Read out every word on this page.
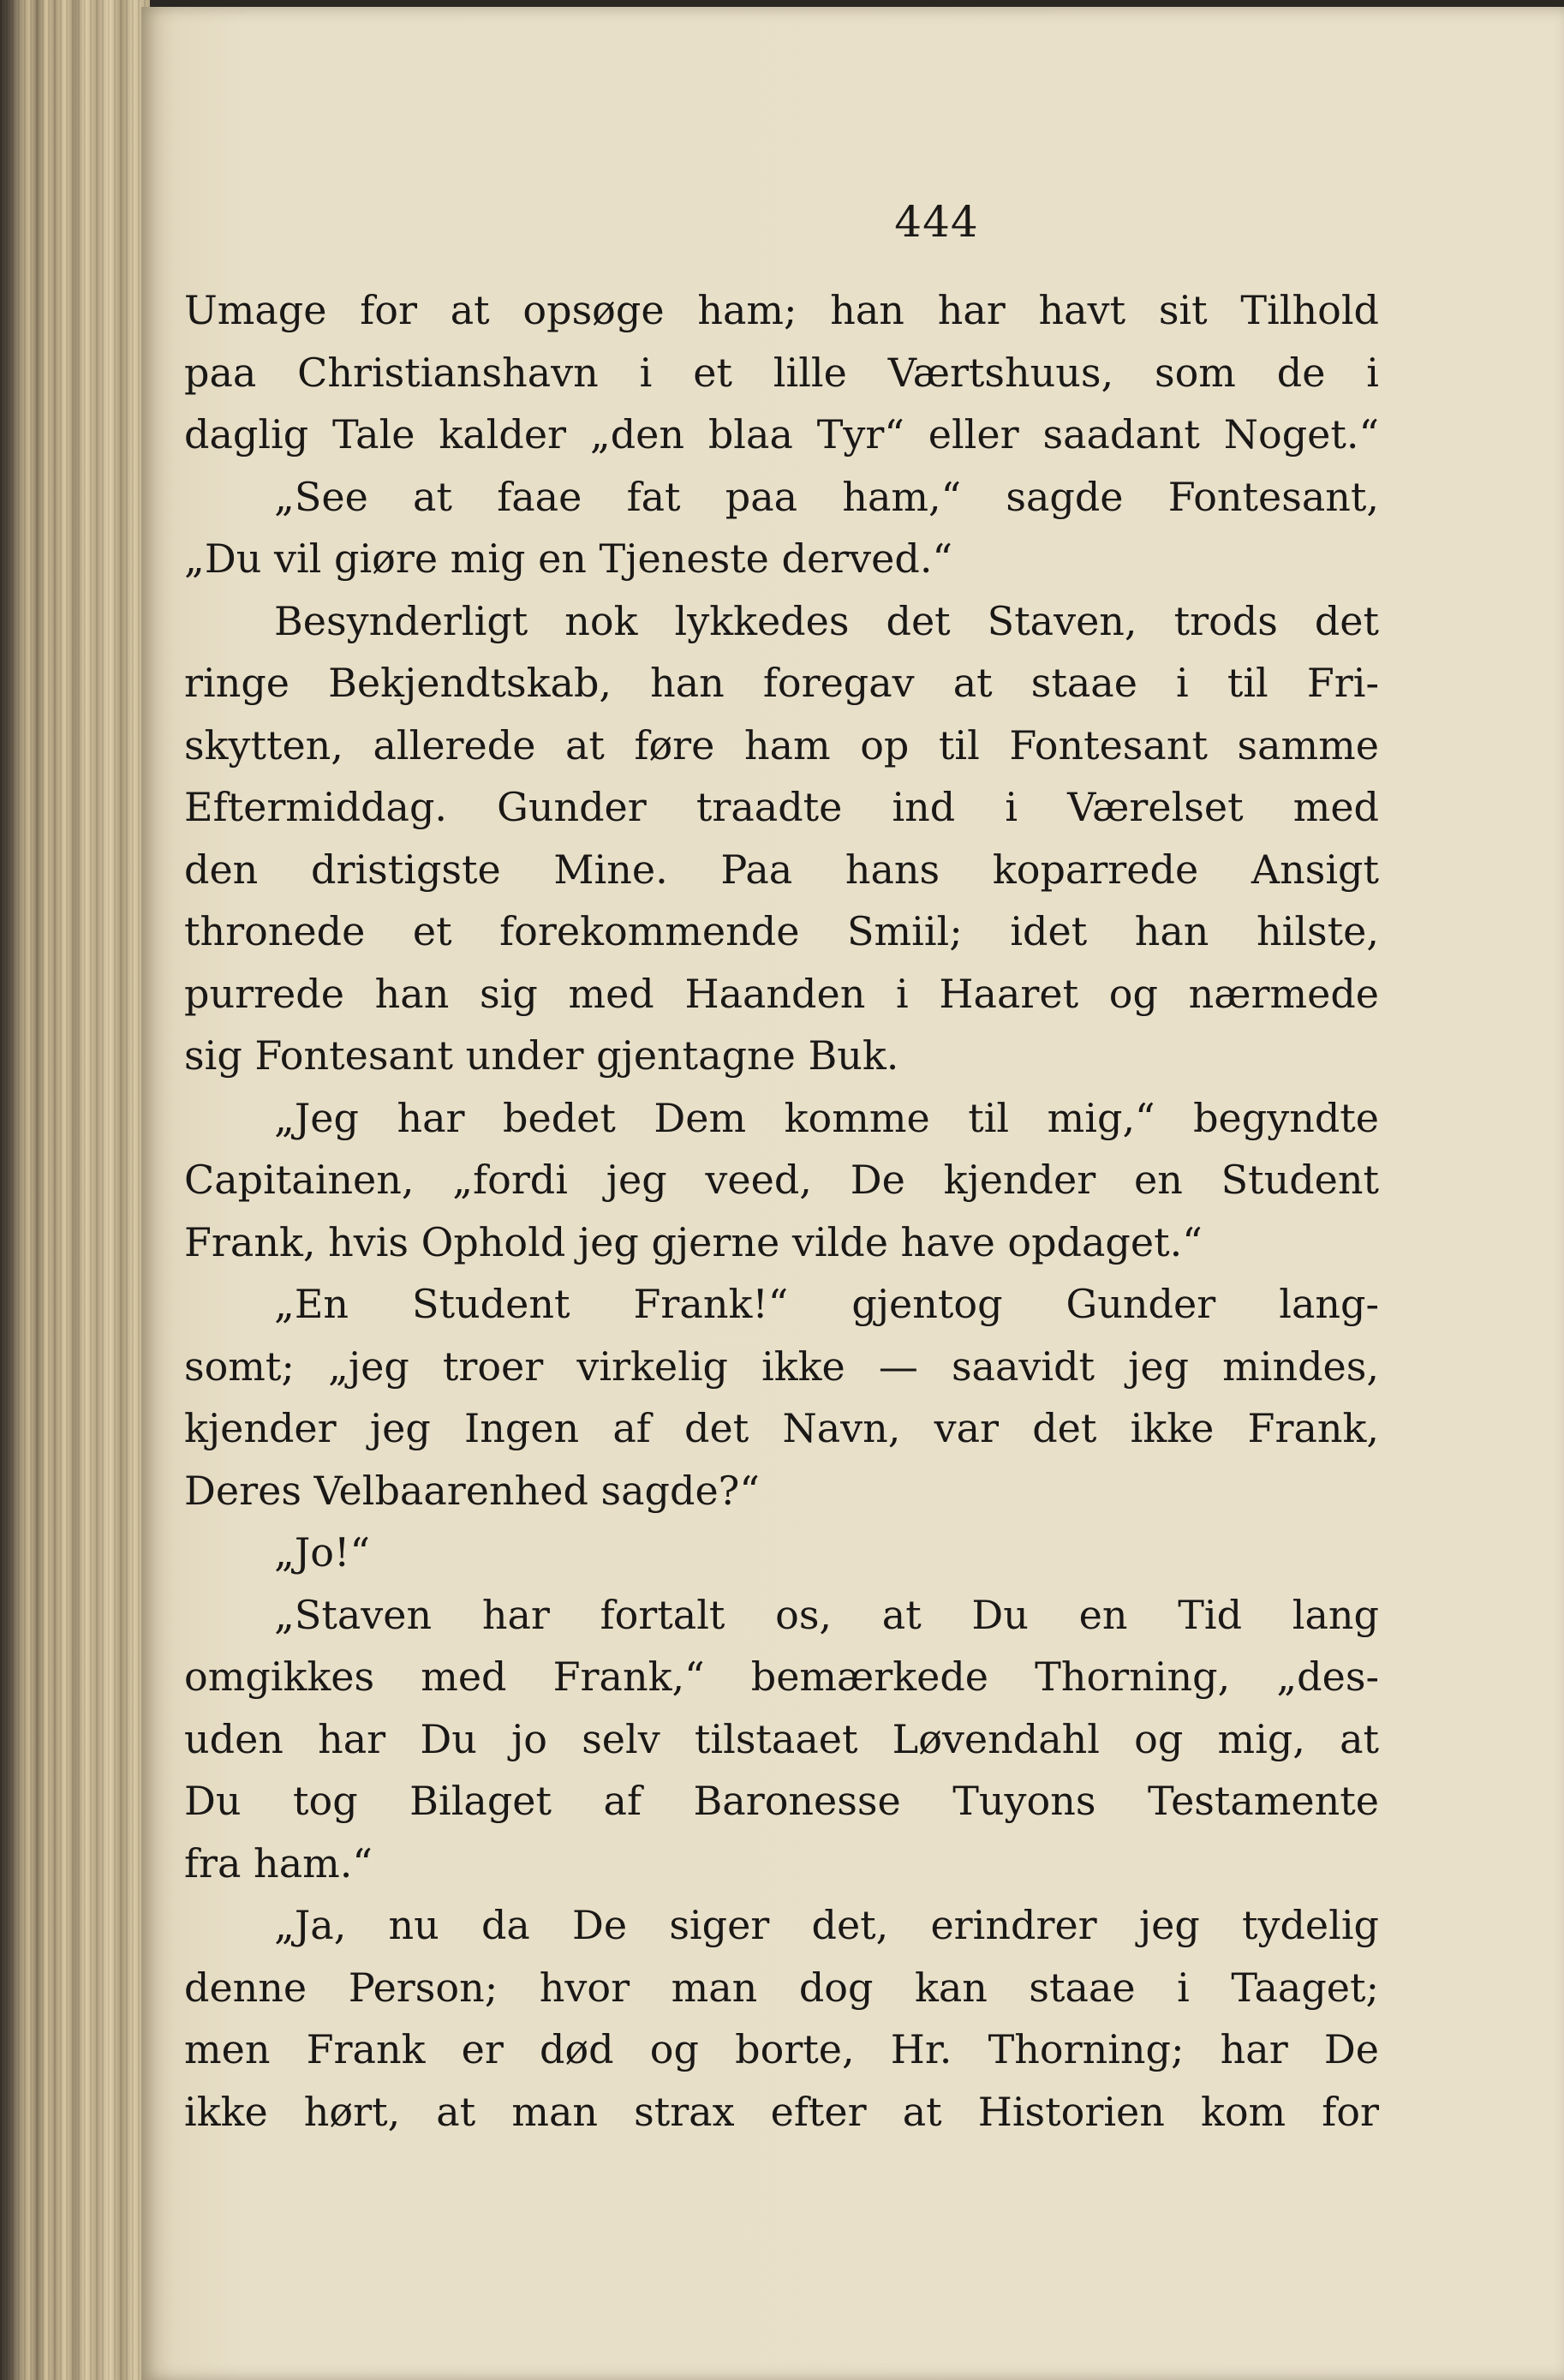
444
Umage for at opsøge ham; han har havt sit Tilhold
paa Christianshavn i et lille Værtshuus, som de i
daglig Tale kalder „den blaa Tyr“ eller saadant Noget.“
„See at faae fat paa ham,“ sagde Fontesant,
„Du vil giøre mig en Tjeneste derved.“
Besynderligt nok lykkedes det Staven, trods det
ringe Bekjendtskab, han foregav at staae i til Fri-
skytten, allerede at føre ham op til Fontesant samme
Eftermiddag. Gunder traadte ind i Værelset med
den dristigste Mine. Paa hans koparrede Ansigt
thronede et forekommende Smiil; idet han hilste,
purrede han sig med Haanden i Haaret og nærmede
sig Fontesant under gjentagne Buk.
„Jeg har bedet Dem komme til mig,“ begyndte
Capitainen, „fordi jeg veed, De kjender en Student
Frank, hvis Ophold jeg gjerne vilde have opdaget.“
„En Student Frank!“ gjentog Gunder lang-
somt; „jeg troer virkelig ikke — saavidt jeg mindes,
kjender jeg Ingen af det Navn, var det ikke Frank,
Deres Velbaarenhed sagde?“
„Jo!“
„Staven har fortalt os, at Du en Tid lang
omgikkes med Frank,“ bemærkede Thorning, „des-
uden har Du jo selv tilstaaet Løvendahl og mig, at
Du tog Bilaget af Baronesse Tuyons Testamente
fra ham.“
„Ja, nu da De siger det, erindrer jeg tydelig
denne Person; hvor man dog kan staae i Taaget;
men Frank er død og borte, Hr. Thorning; har De
ikke hørt, at man strax efter at Historien kom for
